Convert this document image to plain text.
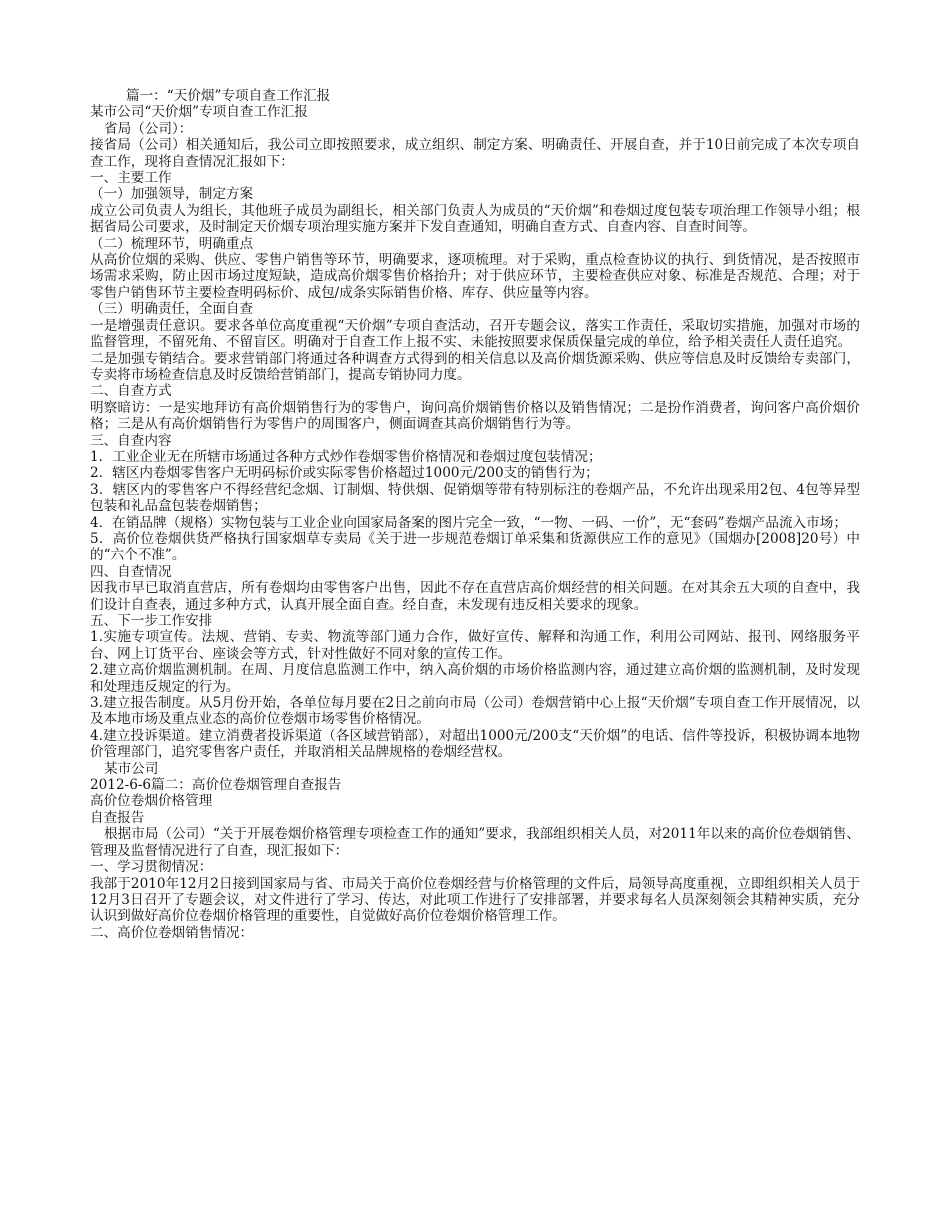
篇一：“天价烟”专项自查工作汇报

某市公司“天价烟”专项自查工作汇报

省局（公司）：

接省局（公司）相关通知后，我公司立即按照要求，成立组织、制定方案、明确责任、开展自查，并于10日前完成了本次专项自查工作，现将自查情况汇报如下：

一、主要工作

（一）加强领导，制定方案

成立公司负责人为组长，其他班子成员为副组长，相关部门负责人为成员的“天价烟”和卷烟过度包装专项治理工作领导小组；根据省局公司要求，及时制定天价烟专项治理实施方案并下发自查通知，明确自查方式、自查内容、自查时间等。

（二）梳理环节，明确重点

从高价位烟的采购、供应、零售户销售等环节，明确要求，逐项梳理。对于采购，重点检查协议的执行、到货情况，是否按照市场需求采购，防止因市场过度短缺，造成高价烟零售价格抬升；对于供应环节，主要检查供应对象、标准是否规范、合理；对于零售户销售环节主要检查明码标价、成包/成条实际销售价格、库存、供应量等内容。

（三）明确责任，全面自查

一是增强责任意识。要求各单位高度重视“天价烟”专项自查活动，召开专题会议，落实工作责任，采取切实措施，加强对市场的监督管理，不留死角、不留盲区。明确对于自查工作上报不实、未能按照要求保质保量完成的单位，给予相关责任人责任追究。

二是加强专销结合。要求营销部门将通过各种调查方式得到的相关信息以及高价烟货源采购、供应等信息及时反馈给专卖部门，专卖将市场检查信息及时反馈给营销部门，提高专销协同力度。

二、自查方式

明察暗访：一是实地拜访有高价烟销售行为的零售户，询问高价烟销售价格以及销售情况；二是扮作消费者，询问客户高价烟价格；三是从有高价烟销售行为零售户的周围客户，侧面调查其高价烟销售行为等。

三、自查内容

1．工业企业无在所辖市场通过各种方式炒作卷烟零售价格情况和卷烟过度包装情况；

2．辖区内卷烟零售客户无明码标价或实际零售价格超过1000元/200支的销售行为；

3．辖区内的零售客户不得经营纪念烟、订制烟、特供烟、促销烟等带有特别标注的卷烟产品，不允许出现采用2包、4包等异型包装和礼品盒包装卷烟销售；

4．在销品牌（规格）实物包装与工业企业向国家局备案的图片完全一致，“一物、一码、一价”，无“套码”卷烟产品流入市场；

5．高价位卷烟供货严格执行国家烟草专卖局《关于进一步规范卷烟订单采集和货源供应工作的意见》（国烟办[2008]20号）中的“六个不准”。

四、自查情况

因我市早已取消直营店，所有卷烟均由零售客户出售，因此不存在直营店高价烟经营的相关问题。在对其余五大项的自查中，我们设计自查表，通过多种方式，认真开展全面自查。经自查，未发现有违反相关要求的现象。

五、下一步工作安排

1.实施专项宣传。法规、营销、专卖、物流等部门通力合作，做好宣传、解释和沟通工作，利用公司网站、报刊、网络服务平台、网上订货平台、座谈会等方式，针对性做好不同对象的宣传工作。

2.建立高价烟监测机制。在周、月度信息监测工作中，纳入高价烟的市场价格监测内容，通过建立高价烟的监测机制，及时发现和处理违反规定的行为。

3.建立报告制度。从5月份开始，各单位每月要在2日之前向市局（公司）卷烟营销中心上报“天价烟”专项自查工作开展情况，以及本地市场及重点业态的高价位卷烟市场零售价格情况。

4.建立投诉渠道。建立消费者投诉渠道（各区域营销部），对超出1000元/200支“天价烟”的电话、信件等投诉，积极协调本地物价管理部门，追究零售客户责任，并取消相关品牌规格的卷烟经营权。

某市公司

2012-6-6篇二：高价位卷烟管理自查报告

高价位卷烟价格管理

自查报告

根据市局（公司）“关于开展卷烟价格管理专项检查工作的通知”要求，我部组织相关人员，对2011年以来的高价位卷烟销售、管理及监督情况进行了自查，现汇报如下：

一、学习贯彻情况：

我部于2010年12月2日接到国家局与省、市局关于高价位卷烟经营与价格管理的文件后，局领导高度重视，立即组织相关人员于12月3日召开了专题会议，对文件进行了学习、传达，对此项工作进行了安排部署，并要求每名人员深刻领会其精神实质，充分认识到做好高价位卷烟价格管理的重要性，自觉做好高价位卷烟价格管理工作。

二、高价位卷烟销售情况：
